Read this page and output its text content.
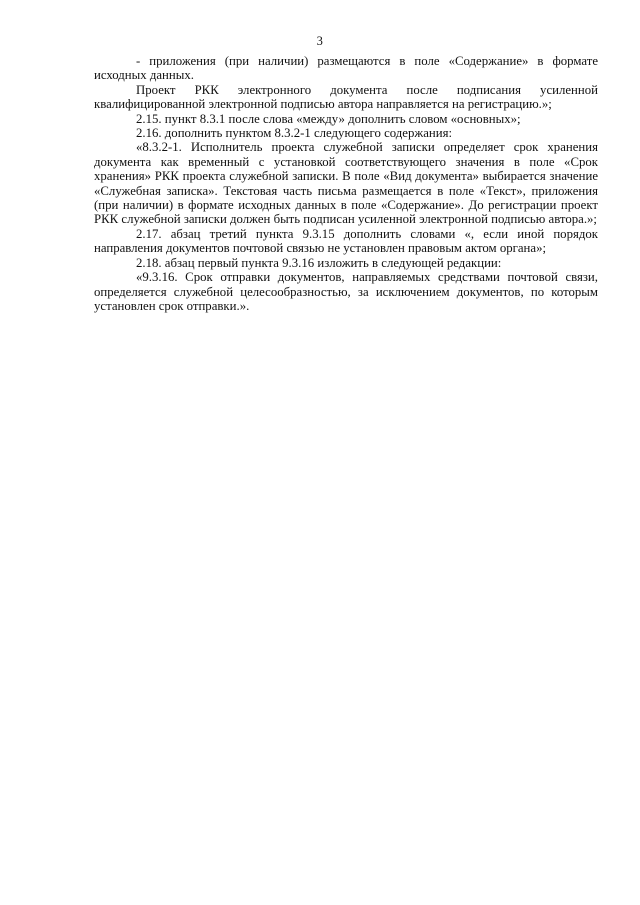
3

- приложения (при наличии) размещаются в поле «Содержание» в формате исходных данных.

Проект РКК электронного документа после подписания усиленной квалифицированной электронной подписью автора направляется на регистрацию.»;

2.15. пункт 8.3.1 после слова «между» дополнить словом «основных»;

2.16. дополнить пунктом 8.3.2-1 следующего содержания:

«8.3.2-1. Исполнитель проекта служебной записки определяет срок хранения документа как временный с установкой соответствующего значения в поле «Срок хранения» РКК проекта служебной записки. В поле «Вид документа» выбирается значение «Служебная записка». Текстовая часть письма размещается в поле «Текст», приложения (при наличии) в формате исходных данных в поле «Содержание». До регистрации проект РКК служебной записки должен быть подписан усиленной электронной подписью автора.»;

2.17. абзац третий пункта 9.3.15 дополнить словами «, если иной порядок направления документов почтовой связью не установлен правовым актом органа»;

2.18. абзац первый пункта 9.3.16 изложить в следующей редакции:

«9.3.16. Срок отправки документов, направляемых средствами почтовой связи, определяется служебной целесообразностью, за исключением документов, по которым установлен срок отправки.».
